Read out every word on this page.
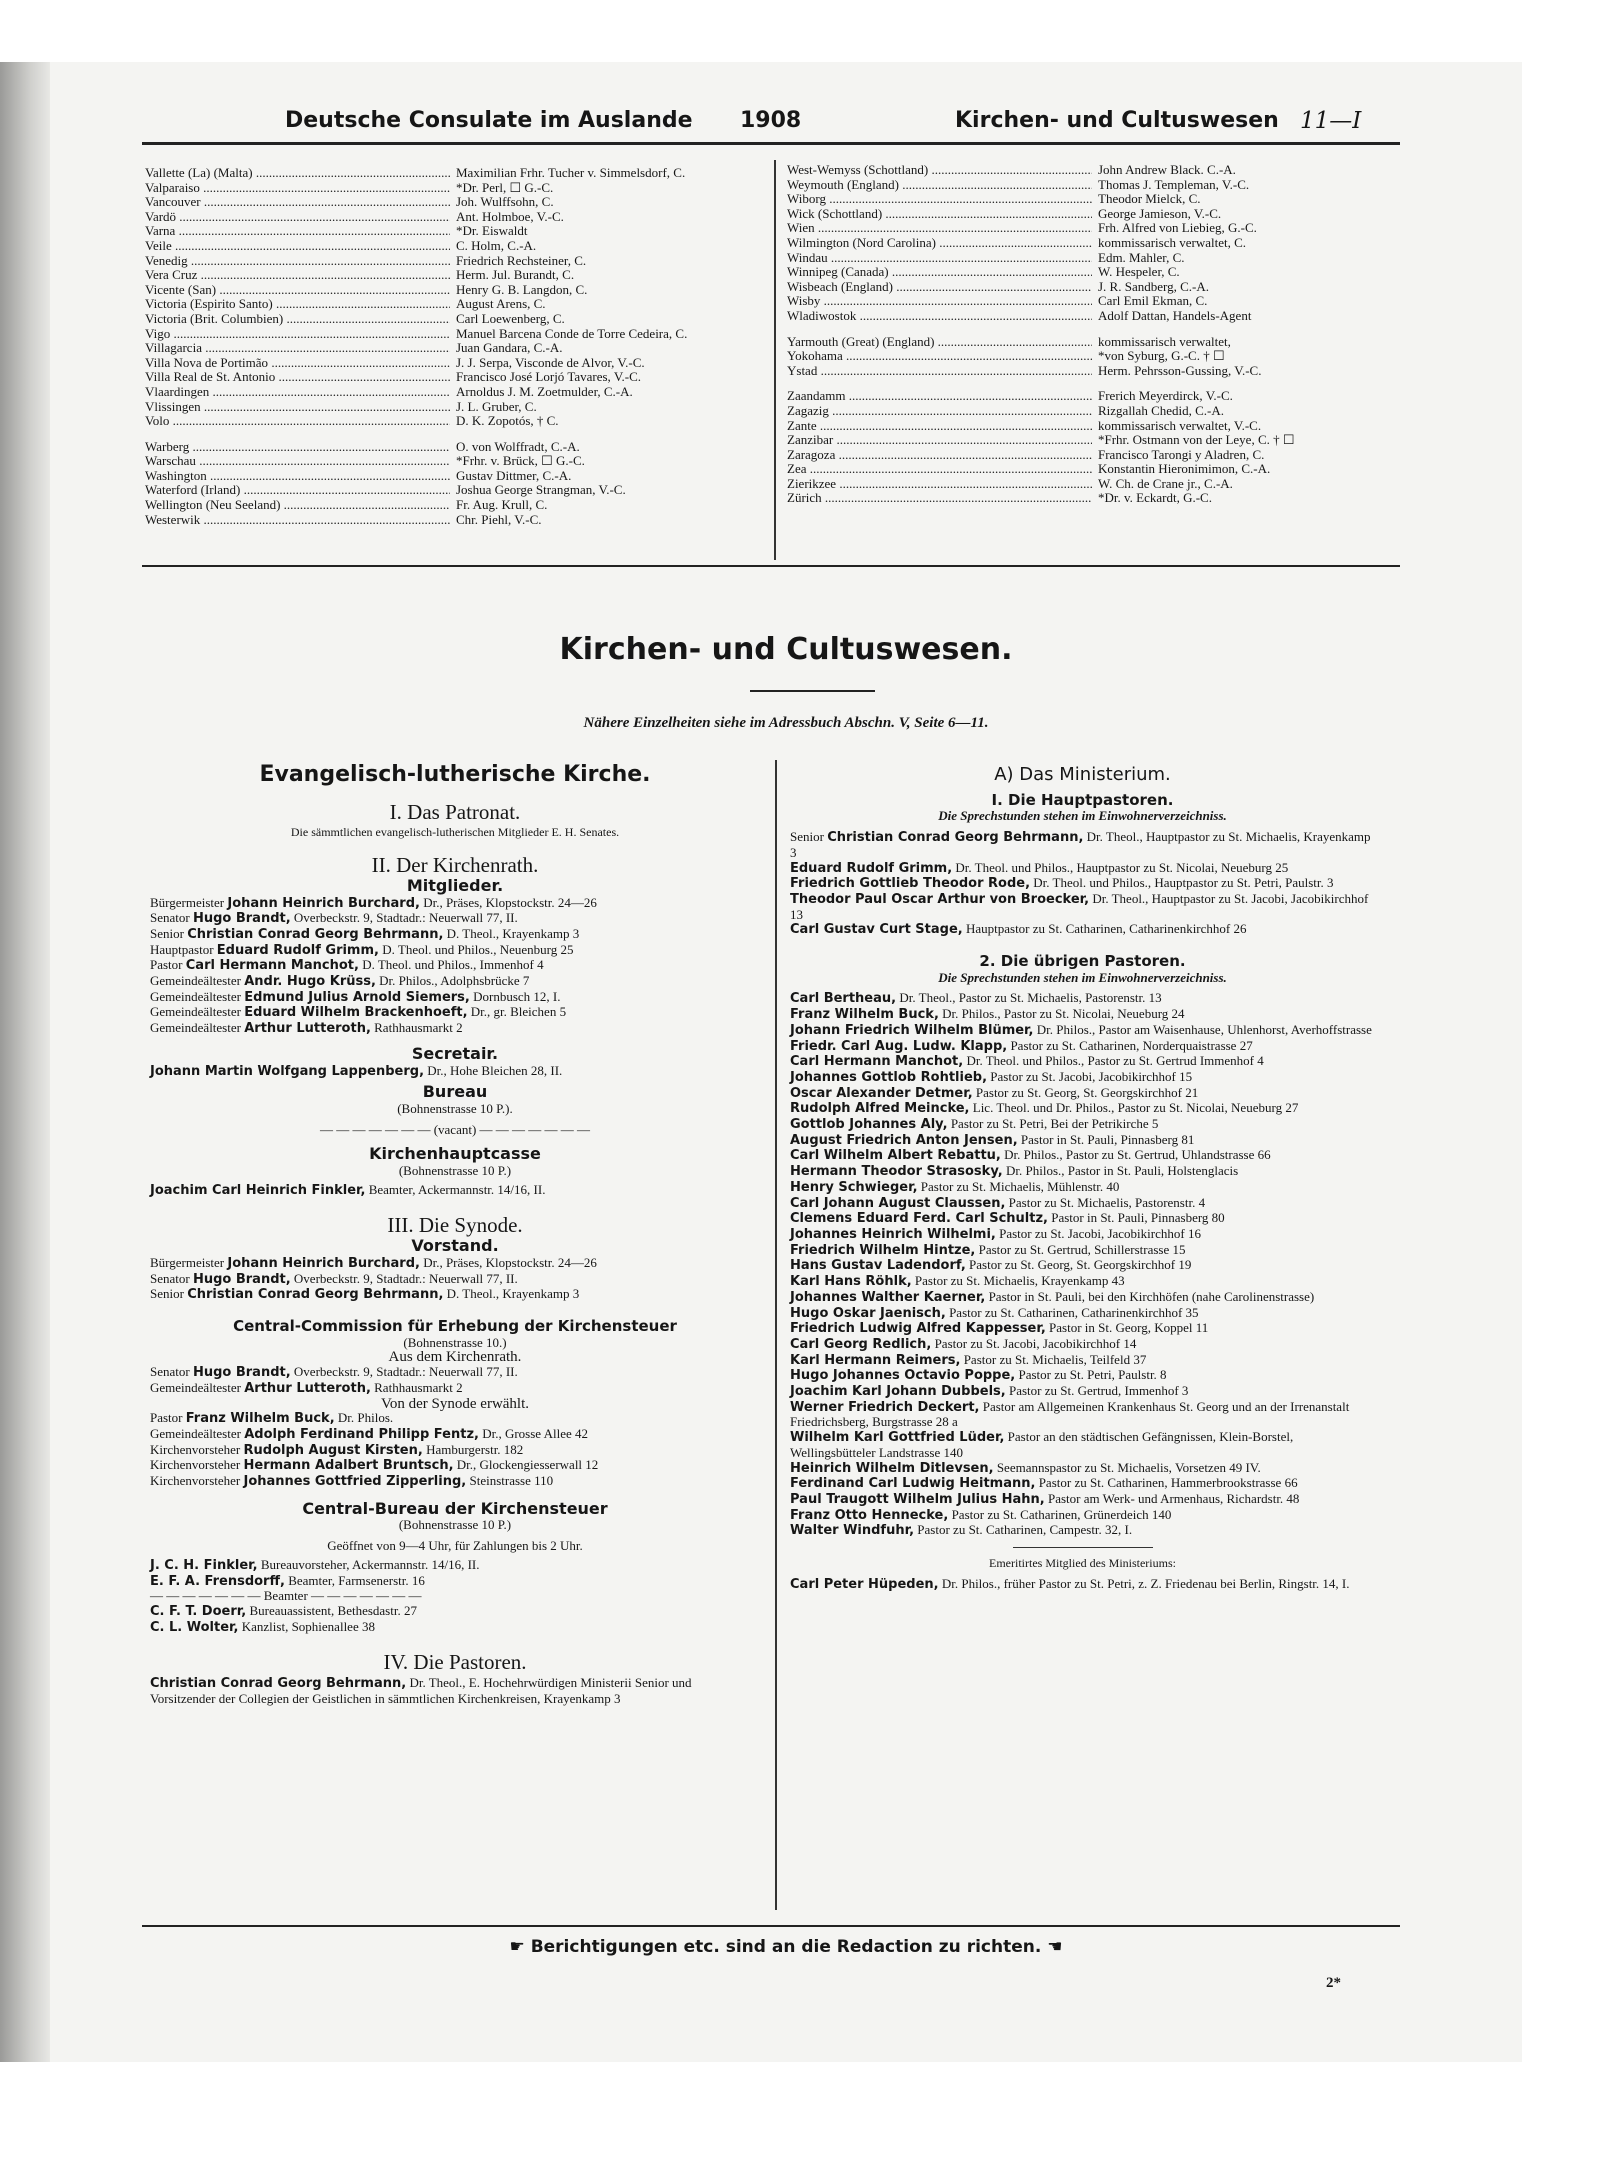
Deutsche Consulate im Auslande 1908	Kirchen- und Cultuswesen 11—I
Vallette (La) (Malta) .....	Maximilian Frhr. Tucher v. Simmelsdorf, C.
Valparaiso .....	*Dr. Perl, ☐ G.-C.
Vancouver .....	Joh. Wulffsohn, C.
Vardö .....	Ant. Holmboe, V.-C.
Varna .....	*Dr. Eiswaldt
Veile .....	C. Holm, C.-A.
Venedig .....	Friedrich Rechsteiner, C.
Vera Cruz .....	Herm. Jul. Burandt, C.
Vicente (San) .....	Henry G. B. Langdon, C.
Victoria (Espirito Santo) .....	August Arens, C.
Victoria (Brit. Columbien) .....	Carl Loewenberg, C.
Vigo .....	Manuel Barcena Conde de Torre Cedeira, C.
Villagarcia .....	Juan Gandara, C.-A.
Villa Nova de Portimão .....	J. J. Serpa, Visconde de Alvor, V.-C.
Villa Real de St. Antonio .....	Francisco José Lorjó Tavares, V.-C.
Vlaardingen .....	Arnoldus J. M. Zoetmulder, C.-A.
Vlissingen .....	J. L. Gruber, C.
Volo .....	D. K. Zopotós, † C.
Warberg .....	O. von Wolffradt, C.-A.
Warschau .....	*Frhr. v. Brück, ☐ G.-C.
Washington .....	Gustav Dittmer, C.-A.
Waterford (Irland) .....	Joshua George Strangman, V.-C.
Wellington (Neu Seeland) .....	Fr. Aug. Krull, C.
Westerwik .....	Chr. Piehl, V.-C.
West-Wemyss (Schottland) .....	John Andrew Black. C.-A.
Weymouth (England) .....	Thomas J. Templeman, V.-C.
Wiborg .....	Theodor Mielck, C.
Wick (Schottland) .....	George Jamieson, V.-C.
Wien .....	Frh. Alfred von Liebieg, G.-C.
Wilmington (Nord Carolina) .....	kommissarisch verwaltet, C.
Windau .....	Edm. Mahler, C.
Winnipeg (Canada) .....	W. Hespeler, C.
Wisbeach (England) .....	J. R. Sandberg, C.-A.
Wisby .....	Carl Emil Ekman, C.
Wladiwostok .....	Adolf Dattan, Handels-Agent
Yarmouth (Great) (England) .....	kommissarisch verwaltet,
Yokohama .....	*von Syburg, G.-C. † ☐
Ystad .....	Herm. Pehrsson-Gussing, V.-C.
Zaandamm .....	Frerich Meyerdirck, V.-C.
Zagazig .....	Rizgallah Chedid, C.-A.
Zante .....	kommissarisch verwaltet, V.-C.
Zanzibar .....	*Frhr. Ostmann von der Leye, C. † ☐
Zaragoza .....	Francisco Tarongi y Aladren, C.
Zea .....	Konstantin Hieronimimon, C.-A.
Zierikzee .....	W. Ch. de Crane jr., C.-A.
Zürich .....	*Dr. v. Eckardt, G.-C.
Kirchen- und Cultuswesen.
Nähere Einzelheiten siehe im Adressbuch Abschn. V, Seite 6—11.
Evangelisch-lutherische Kirche.
I. Das Patronat.
Die sämmtlichen evangelisch-lutherischen Mitglieder E. H. Senates.
II. Der Kirchenrath.
Mitglieder.
Bürgermeister Johann Heinrich Burchard, Dr., Präses, Klopstockstr. 24—26
Senator Hugo Brandt, Overbeckstr. 9, Stadtadr.: Neuerwall 77, II.
Senior Christian Conrad Georg Behrmann, D. Theol., Krayenkamp 3
Hauptpastor Eduard Rudolf Grimm, D. Theol. und Philos., Neuenburg 25
Pastor Carl Hermann Manchot, D. Theol. und Philos., Immenhof 4
Gemeindeältester Andr. Hugo Krüss, Dr. Philos., Adolphsbrücke 7
Gemeindeältester Edmund Julius Arnold Siemers, Dornbusch 12, I.
Gemeindeältester Eduard Wilhelm Brackenhoeft, Dr., gr. Bleichen 5
Gemeindeältester Arthur Lutteroth, Rathhausmarkt 2
Secretair.
Johann Martin Wolfgang Lappenberg, Dr., Hohe Bleichen 28, II.
Bureau
(Bohnenstrasse 10 P.).
— — — — — — — (vacant) — — — — — — —
Kirchenhauptcasse
(Bohnenstrasse 10 P.)
Joachim Carl Heinrich Finkler, Beamter, Ackermannstr. 14/16, II.
III. Die Synode.
Vorstand.
Bürgermeister Johann Heinrich Burchard, Dr., Präses, Klopstockstr. 24—26
Senator Hugo Brandt, Overbeckstr. 9, Stadtadr.: Neuerwall 77, II.
Senior Christian Conrad Georg Behrmann, D. Theol., Krayenkamp 3
Central-Commission für Erhebung der Kirchensteuer
(Bohnenstrasse 10.)
Aus dem Kirchenrath.
Senator Hugo Brandt, Overbeckstr. 9, Stadtadr.: Neuerwall 77, II.
Gemeindeältester Arthur Lutteroth, Rathhausmarkt 2
Von der Synode erwählt.
Pastor Franz Wilhelm Buck, Dr. Philos.
Gemeindeältester Adolph Ferdinand Philipp Fentz, Dr., Grosse Allee 42
Kirchenvorsteher Rudolph August Kirsten, Hamburgerstr. 182
Kirchenvorsteher Hermann Adalbert Bruntsch, Dr., Glockengiesserwall 12
Kirchenvorsteher Johannes Gottfried Zipperling, Steinstrasse 110
Central-Bureau der Kirchensteuer
(Bohnenstrasse 10 P.)
Geöffnet von 9—4 Uhr, für Zahlungen bis 2 Uhr.
J. C. H. Finkler, Bureauvorsteher, Ackermannstr. 14/16, II.
E. F. A. Frensdorff, Beamter, Farmsenerstr. 16
— — — — — — — Beamter — — — — — — —
C. F. T. Doerr, Bureauassistent, Bethesdastr. 27
C. L. Wolter, Kanzlist, Sophienallee 38
IV. Die Pastoren.
Christian Conrad Georg Behrmann, Dr. Theol., E. Hochehrwürdigen Ministerii Senior und Vorsitzender der Collegien der Geistlichen in sämmtlichen Kirchenkreisen, Krayenkamp 3
A) Das Ministerium.
I. Die Hauptpastoren.
Die Sprechstunden stehen im Einwohnerverzeichniss.
Senior Christian Conrad Georg Behrmann, Dr. Theol., Hauptpastor zu St. Michaelis, Krayenkamp 3
Eduard Rudolf Grimm, Dr. Theol. und Philos., Hauptpastor zu St. Nicolai, Neueburg 25
Friedrich Gottlieb Theodor Rode, Dr. Theol. und Philos., Hauptpastor zu St. Petri, Paulstr. 3
Theodor Paul Oscar Arthur von Broecker, Dr. Theol., Hauptpastor zu St. Jacobi, Jacobikirchhof 13
Carl Gustav Curt Stage, Hauptpastor zu St. Catharinen, Catharinenkirchhof 26
2. Die übrigen Pastoren.
Die Sprechstunden stehen im Einwohnerverzeichniss.
Carl Bertheau, Dr. Theol., Pastor zu St. Michaelis, Pastorenstr. 13
Franz Wilhelm Buck, Dr. Philos., Pastor zu St. Nicolai, Neueburg 24
Johann Friedrich Wilhelm Blümer, Dr. Philos., Pastor am Waisenhause, Uhlenhorst, Averhoffstrasse
Friedr. Carl Aug. Ludw. Klapp, Pastor zu St. Catharinen, Norderquaistrasse 27
Carl Hermann Manchot, Dr. Theol. und Philos., Pastor zu St. Gertrud Immenhof 4
Johannes Gottlob Rohtlieb, Pastor zu St. Jacobi, Jacobikirchhof 15
Oscar Alexander Detmer, Pastor zu St. Georg, St. Georgskirchhof 21
Rudolph Alfred Meincke, Lic. Theol. und Dr. Philos., Pastor zu St. Nicolai, Neueburg 27
Gottlob Johannes Aly, Pastor zu St. Petri, Bei der Petrikirche 5
August Friedrich Anton Jensen, Pastor in St. Pauli, Pinnasberg 81
Carl Wilhelm Albert Rebattu, Dr. Philos., Pastor zu St. Gertrud, Uhlandstrasse 66
Hermann Theodor Strasosky, Dr. Philos., Pastor in St. Pauli, Holstenglacis
Henry Schwieger, Pastor zu St. Michaelis, Mühlenstr. 40
Carl Johann August Claussen, Pastor zu St. Michaelis, Pastorenstr. 4
Clemens Eduard Ferd. Carl Schultz, Pastor in St. Pauli, Pinnasberg 80
Johannes Heinrich Wilhelmi, Pastor zu St. Jacobi, Jacobikirchhof 16
Friedrich Wilhelm Hintze, Pastor zu St. Gertrud, Schillerstrasse 15
Hans Gustav Ladendorf, Pastor zu St. Georg, St. Georgskirchhof 19
Karl Hans Röhlk, Pastor zu St. Michaelis, Krayenkamp 43
Johannes Walther Kaerner, Pastor in St. Pauli, bei den Kirchhöfen (nahe Carolinenstrasse)
Hugo Oskar Jaenisch, Pastor zu St. Catharinen, Catharinenkirchhof 35
Friedrich Ludwig Alfred Kappesser, Pastor in St. Georg, Koppel 11
Carl Georg Redlich, Pastor zu St. Jacobi, Jacobikirchhof 14
Karl Hermann Reimers, Pastor zu St. Michaelis, Teilfeld 37
Hugo Johannes Octavio Poppe, Pastor zu St. Petri, Paulstr. 8
Joachim Karl Johann Dubbels, Pastor zu St. Gertrud, Immenhof 3
Werner Friedrich Deckert, Pastor am Allgemeinen Krankenhaus St. Georg und an der Irrenanstalt Friedrichsberg, Burgstrasse 28 a
Wilhelm Karl Gottfried Lüder, Pastor an den städtischen Gefängnissen, Klein-Borstel, Wellingsbütteler Landstrasse 140
Heinrich Wilhelm Ditlevsen, Seemannspastor zu St. Michaelis, Vorsetzen 49 IV.
Ferdinand Carl Ludwig Heitmann, Pastor zu St. Catharinen, Hammerbrookstrasse 66
Paul Traugott Wilhelm Julius Hahn, Pastor am Werk- und Armenhaus, Richardstr. 48
Franz Otto Hennecke, Pastor zu St. Catharinen, Grünerdeich 140
Walter Windfuhr, Pastor zu St. Catharinen, Campestr. 32, I.
Emeritirtes Mitglied des Ministeriums:
Carl Peter Hüpeden, Dr. Philos., früher Pastor zu St. Petri, z. Z. Friedenau bei Berlin, Ringstr. 14, I.
☛ Berichtigungen etc. sind an die Redaction zu richten. ☚
2*
